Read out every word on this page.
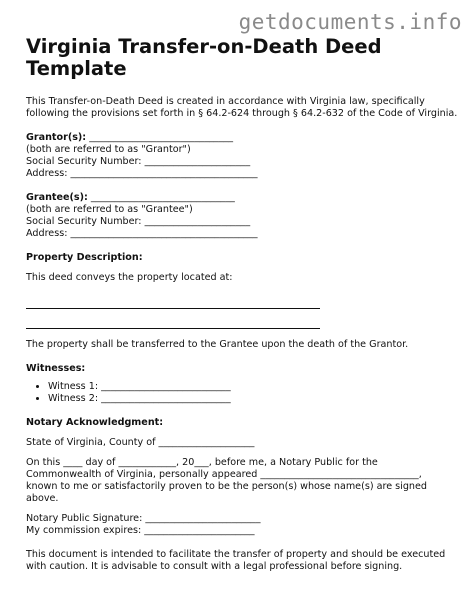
getdocuments.info
Virginia Transfer-on-Death Deed
Template

This Transfer-on-Death Deed is created in accordance with Virginia law, specifically
following the provisions set forth in § 64.2-624 through § 64.2-632 of the Code of Virginia.

Grantor(s): ______________________________

(both are referred to as "Grantor")

Social Security Number: ______________________

Address: _______________________________________

Grantee(s): ______________________________

(both are referred to as "Grantee")

Social Security Number: ______________________

Address: _______________________________________

Property Description:

This deed conveys the property located at:

The property shall be transferred to the Grantee upon the death of the Grantor.

Witnesses:

• Witness 1: ___________________________
• Witness 2: ___________________________

Notary Acknowledgment:

State of Virginia, County of ____________________

On this ____ day of ____________, 20___, before me, a Notary Public for the
Commonwealth of Virginia, personally appeared _________________________________,
known to me or satisfactorily proven to be the person(s) whose name(s) are signed above.

Notary Public Signature: ________________________

My commission expires: _______________________

This document is intended to facilitate the transfer of property and should be executed
with caution. It is advisable to consult with a legal professional before signing.
